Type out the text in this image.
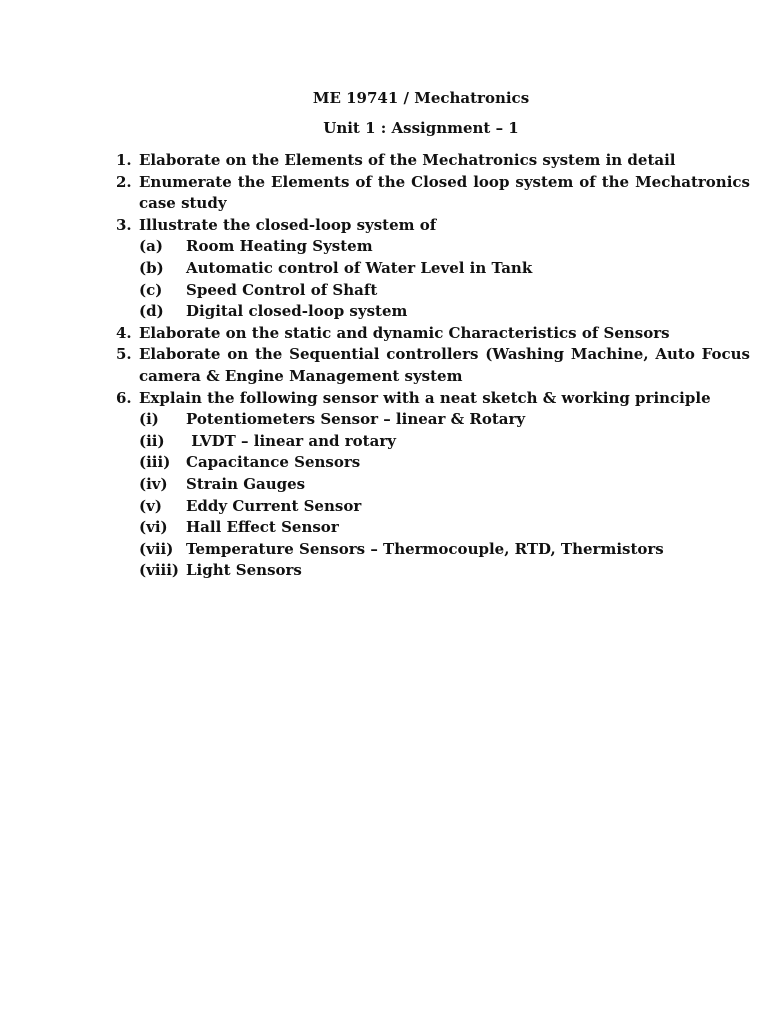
ME 19741 / Mechatronics
Unit 1 : Assignment – 1
1. Elaborate on the Elements of the Mechatronics system in detail
2. Enumerate the Elements of the Closed loop system of the Mechatronics case study
3. Illustrate the closed-loop system of
(a) Room Heating System
(b) Automatic control of Water Level in Tank
(c) Speed Control of Shaft
(d) Digital closed-loop system
4. Elaborate on the static and dynamic Characteristics of Sensors
5. Elaborate on the Sequential controllers (Washing Machine, Auto Focus camera & Engine Management system
6. Explain the following sensor with a neat sketch & working principle
(i) Potentiometers Sensor – linear & Rotary
(ii) LVDT – linear and rotary
(iii) Capacitance Sensors
(iv) Strain Gauges
(v) Eddy Current Sensor
(vi) Hall Effect Sensor
(vii) Temperature Sensors – Thermocouple, RTD, Thermistors
(viii) Light Sensors
